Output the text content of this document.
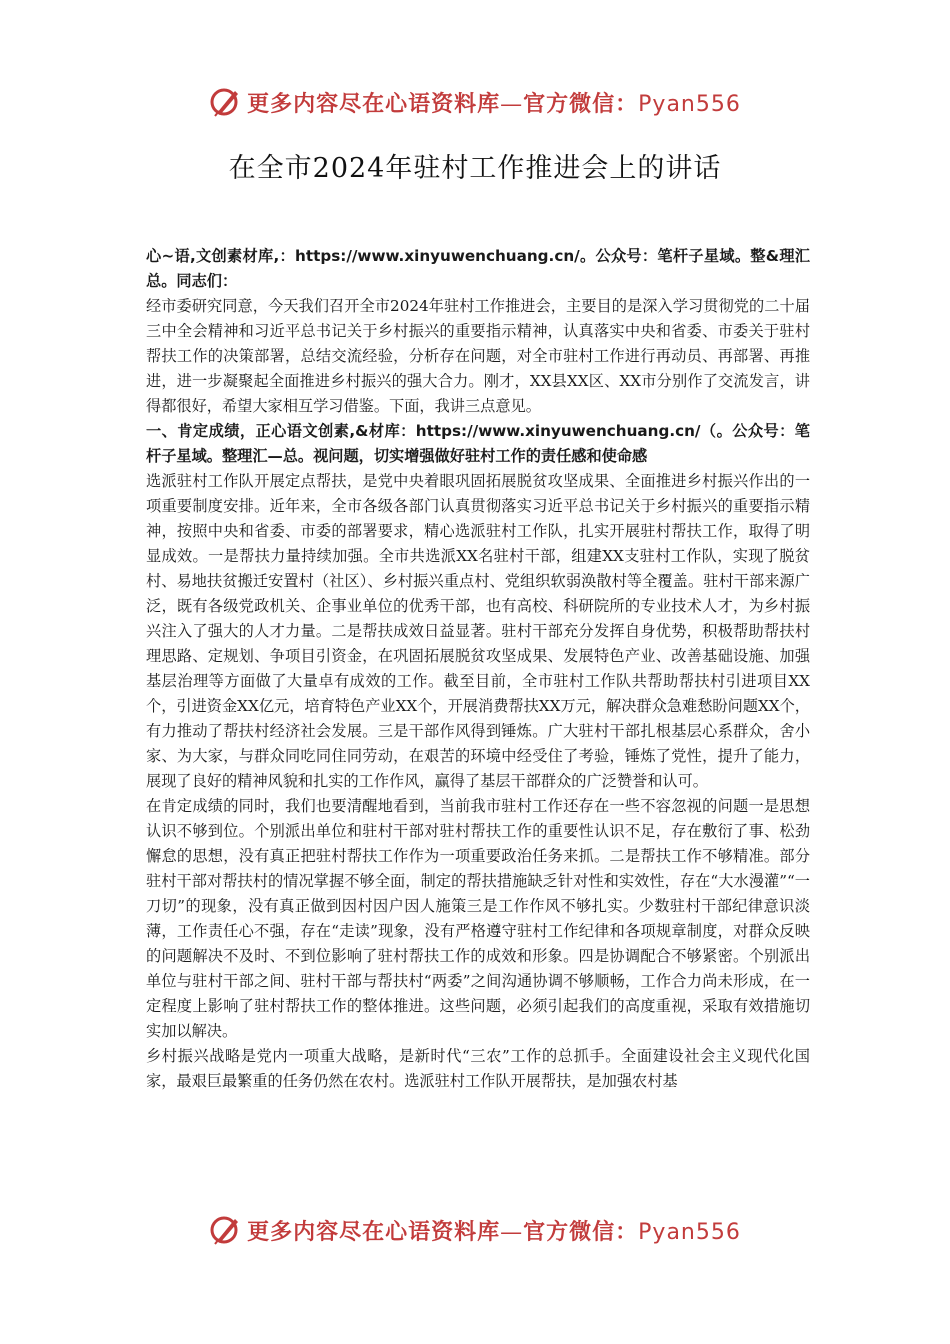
更多内容尽在心语资料库—官方微信：Pyan556
在全市2024年驻村工作推进会上的讲话

心~语,文创素材库,：https://www.xinyuwenchuang.cn/。公众号：笔杆子星域。整&理汇总。同志们：

经市委研究同意，今天我们召开全市2024年驻村工作推进会，主要目的是深入学习贯彻党的二十届三中全会精神和习近平总书记关于乡村振兴的重要指示精神，认真落实中央和省委、市委关于驻村帮扶工作的决策部署，总结交流经验，分析存在问题，对全市驻村工作进行再动员、再部署、再推进，进一步凝聚起全面推进乡村振兴的强大合力。刚才，XX县XX区、XX市分别作了交流发言，讲得都很好，希望大家相互学习借鉴。下面，我讲三点意见。

一、肯定成绩，正心语文创素,&材库：https://www.xinyuwenchuang.cn/（。公众号：笔杆子星域。整理汇—总。视问题，切实增强做好驻村工作的责任感和使命感

选派驻村工作队开展定点帮扶，是党中央着眼巩固拓展脱贫攻坚成果、全面推进乡村振兴作出的一项重要制度安排。近年来，全市各级各部门认真贯彻落实习近平总书记关于乡村振兴的重要指示精神，按照中央和省委、市委的部署要求，精心选派驻村工作队，扎实开展驻村帮扶工作，取得了明显成效。一是帮扶力量持续加强。全市共选派XX名驻村干部，组建XX支驻村工作队，实现了脱贫村、易地扶贫搬迁安置村（社区）、乡村振兴重点村、党组织软弱涣散村等全覆盖。驻村干部来源广泛，既有各级党政机关、企事业单位的优秀干部，也有高校、科研院所的专业技术人才，为乡村振兴注入了强大的人才力量。二是帮扶成效日益显著。驻村干部充分发挥自身优势，积极帮助帮扶村理思路、定规划、争项目引资金，在巩固拓展脱贫攻坚成果、发展特色产业、改善基础设施、加强基层治理等方面做了大量卓有成效的工作。截至目前，全市驻村工作队共帮助帮扶村引进项目XX个，引进资金XX亿元，培育特色产业XX个，开展消费帮扶XX万元，解决群众急难愁盼问题XX个，有力推动了帮扶村经济社会发展。三是干部作风得到锤炼。广大驻村干部扎根基层心系群众，舍小家、为大家，与群众同吃同住同劳动，在艰苦的环境中经受住了考验，锤炼了党性，提升了能力，展现了良好的精神风貌和扎实的工作作风，赢得了基层干部群众的广泛赞誉和认可。

在肯定成绩的同时，我们也要清醒地看到，当前我市驻村工作还存在一些不容忽视的问题一是思想认识不够到位。个别派出单位和驻村干部对驻村帮扶工作的重要性认识不足，存在敷衍了事、松劲懈怠的思想，没有真正把驻村帮扶工作作为一项重要政治任务来抓。二是帮扶工作不够精准。部分驻村干部对帮扶村的情况掌握不够全面，制定的帮扶措施缺乏针对性和实效性，存在“大水漫灌”“一刀切”的现象，没有真正做到因村因户因人施策三是工作作风不够扎实。少数驻村干部纪律意识淡薄，工作责任心不强，存在“走读”现象，没有严格遵守驻村工作纪律和各项规章制度，对群众反映的问题解决不及时、不到位影响了驻村帮扶工作的成效和形象。四是协调配合不够紧密。个别派出单位与驻村干部之间、驻村干部与帮扶村“两委”之间沟通协调不够顺畅，工作合力尚未形成，在一定程度上影响了驻村帮扶工作的整体推进。这些问题，必须引起我们的高度重视，采取有效措施切实加以解决。

乡村振兴战略是党内一项重大战略，是新时代“三农”工作的总抓手。全面建设社会主义现代化国家，最艰巨最繁重的任务仍然在农村。选派驻村工作队开展帮扶，是加强农村基

更多内容尽在心语资料库—官方微信：Pyan556
